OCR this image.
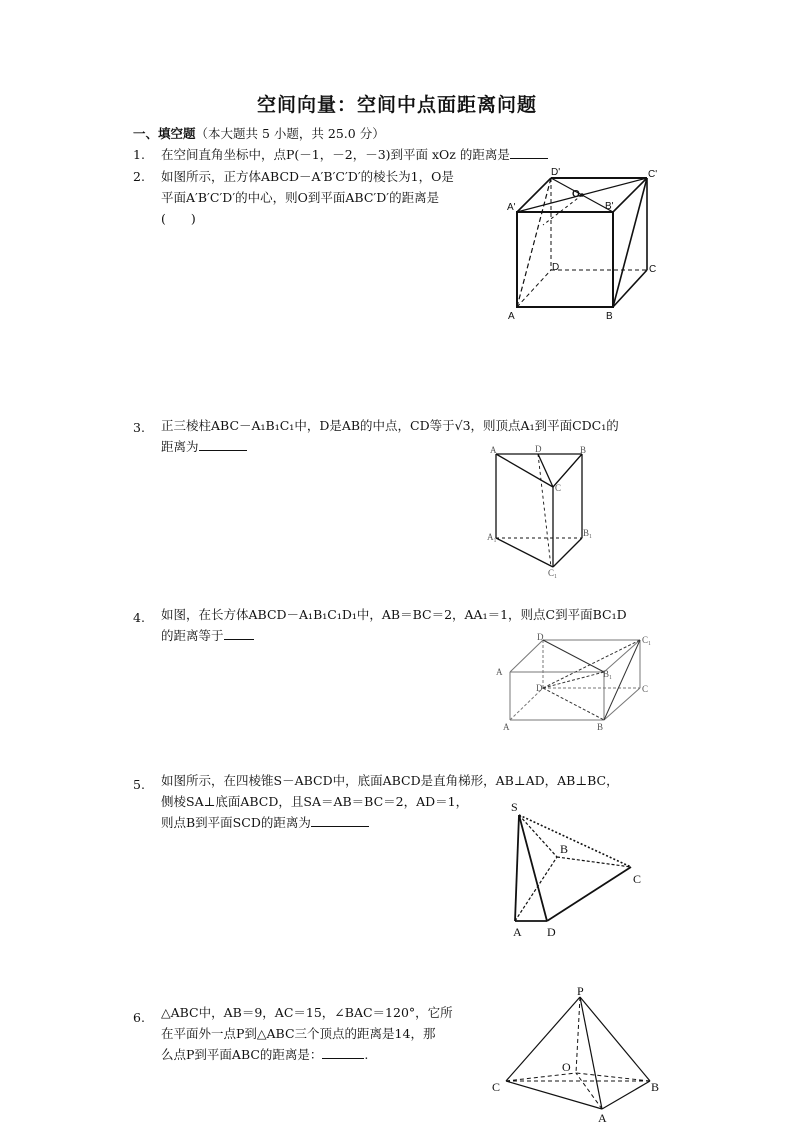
空间向量：空间中点面距离问题
一、填空题（本大题共 5 小题，共 25.0 分）
1. 在空间直角坐标中，点P(－1，－2，－3)到平面 xOz 的距离是
2. 如图所示，正方体ABCD－A′B′C′D′的棱长为1，O是
平面A′B′C′D′的中心，则O到平面ABC′D′的距离是
(　　)
A	B
C
D
A'	B'
C'
D'
O
3. 正三棱柱ABC－A₁B₁C₁中，D是AB的中点，CD等于√3，则顶点A₁到平面CDC₁的
距离为	A	D	B
C
A₁	B₁
C₁
4. 如图，在长方体ABCD－A₁B₁C₁D₁中，AB＝BC＝2，AA₁＝1，则点C到平面BC₁D
的距离等于	D	C₁
A	B₁
D	C
A	B
5. 如图所示，在四棱锥S－ABCD中，底面ABCD是直角梯形，AB⊥AD，AB⊥BC，
侧棱SA⊥底面ABCD，且SA＝AB＝BC＝2，AD＝1，
则点B到平面SCD的距离为
S
B
C
A D
6. △ABC中，AB＝9，AC＝15，∠BAC＝120°，它所
在平面外一点P到△ABC三个顶点的距离是14，那
么点P到平面ABC的距离是：	.
P
O
C	B
A
